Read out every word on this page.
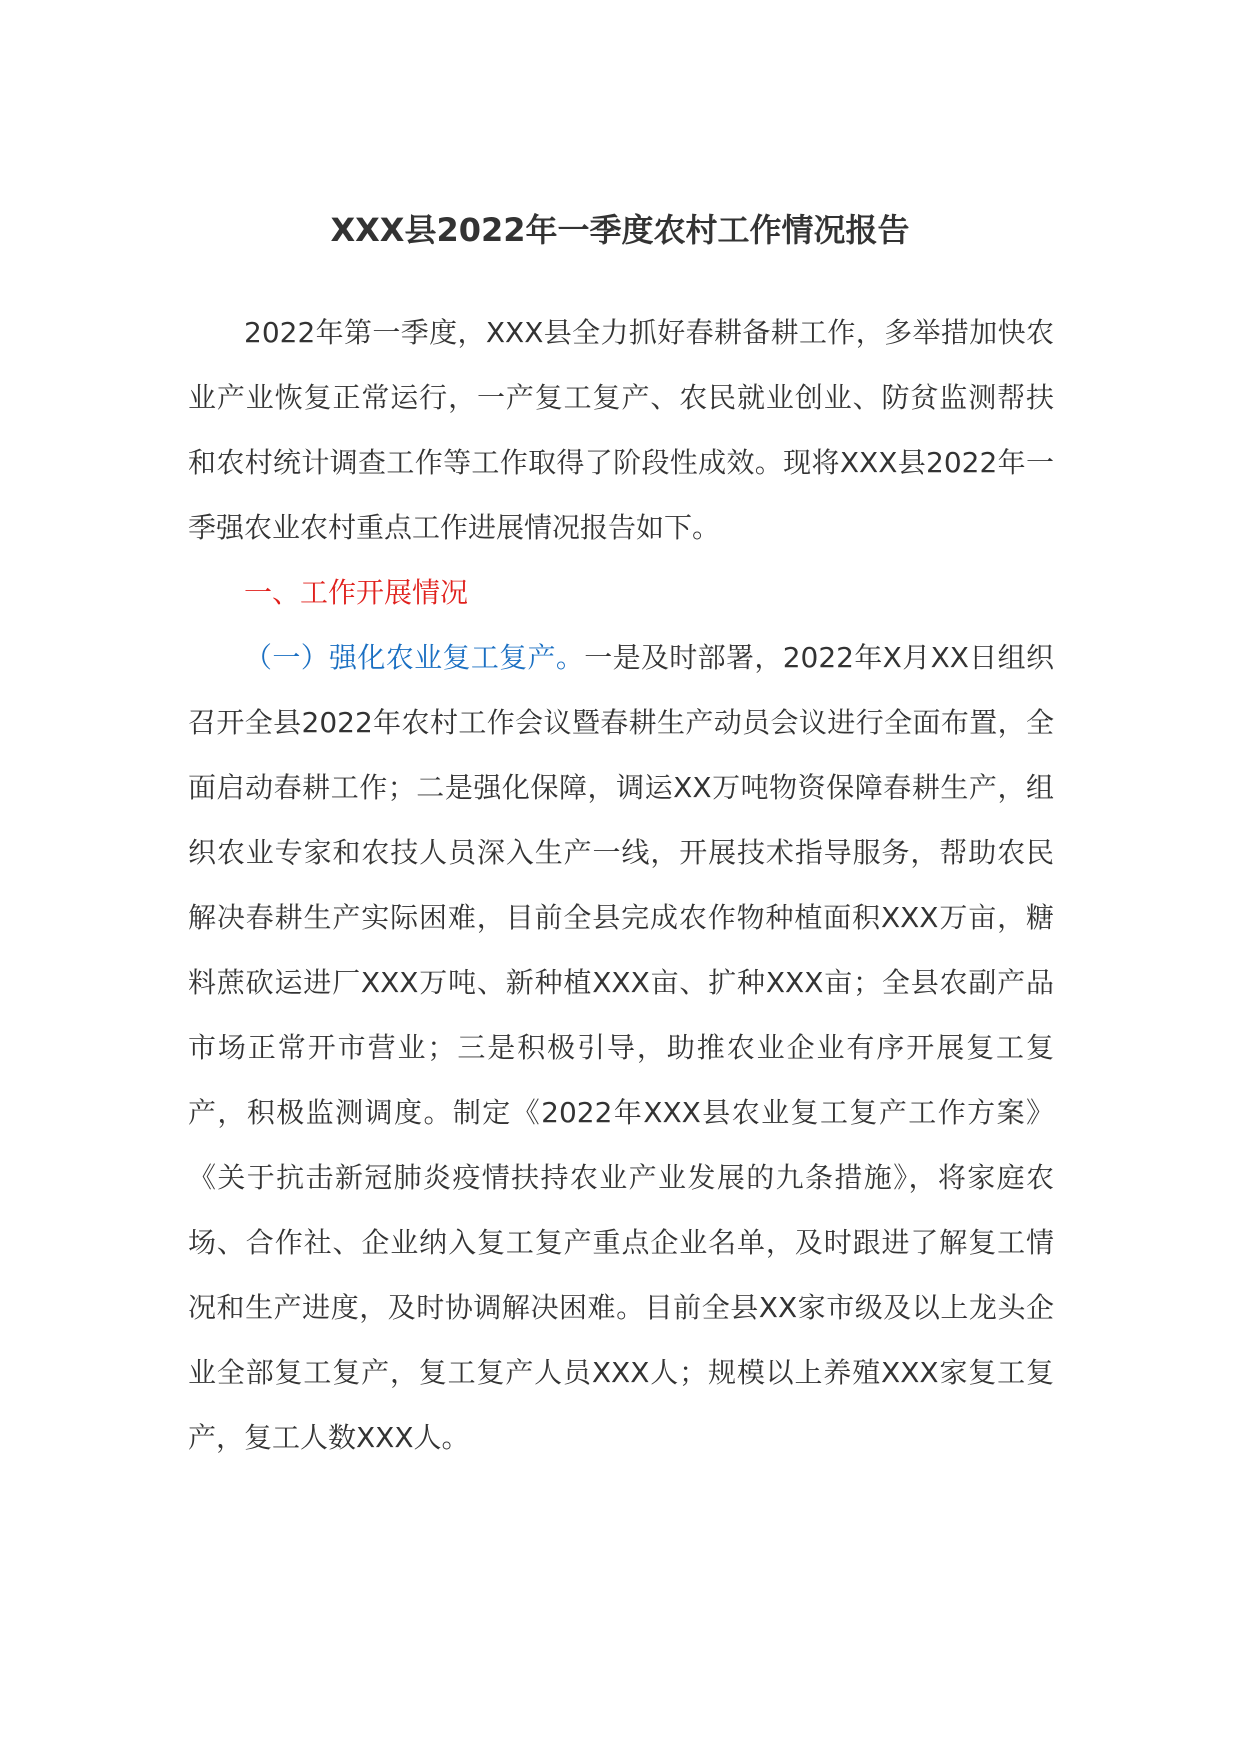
XXX县2022年一季度农村工作情况报告

2022年第一季度，XXX县全力抓好春耕备耕工作，多举措加快农业产业恢复正常运行，一产复工复产、农民就业创业、防贫监测帮扶和农村统计调查工作等工作取得了阶段性成效。现将XXX县2022年一季强农业农村重点工作进展情况报告如下。

一、工作开展情况

（一）强化农业复工复产。一是及时部署，2022年X月XX日组织召开全县2022年农村工作会议暨春耕生产动员会议进行全面布置，全面启动春耕工作；二是强化保障，调运XX万吨物资保障春耕生产，组织农业专家和农技人员深入生产一线，开展技术指导服务，帮助农民解决春耕生产实际困难，目前全县完成农作物种植面积XXX万亩，糖料蔗砍运进厂XXX万吨、新种植XXX亩、扩种XXX亩；全县农副产品市场正常开市营业；三是积极引导，助推农业企业有序开展复工复产，积极监测调度。制定《2022年XXX县农业复工复产工作方案》《关于抗击新冠肺炎疫情扶持农业产业发展的九条措施》，将家庭农场、合作社、企业纳入复工复产重点企业名单，及时跟进了解复工情况和生产进度，及时协调解决困难。目前全县XX家市级及以上龙头企业全部复工复产，复工复产人员XXX人；规模以上养殖XXX家复工复产，复工人数XXX人。
